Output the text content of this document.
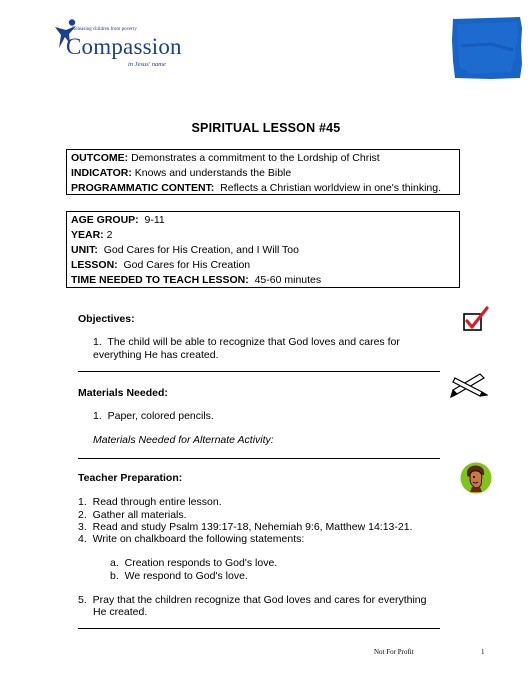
Releasing children from poverty
Compassion
in Jesus' name
SPIRITUAL LESSON #45
OUTCOME: Demonstrates a commitment to the Lordship of Christ
INDICATOR: Knows and understands the Bible
PROGRAMMATIC CONTENT: Reflects a Christian worldview in one's thinking.
AGE GROUP: 9-11
YEAR: 2
UNIT: God Cares for His Creation, and I Will Too
LESSON: God Cares for His Creation
TIME NEEDED TO TEACH LESSON: 45-60 minutes
Objectives:
1. The child will be able to recognize that God loves and cares for
everything He has created.
Materials Needed:
1. Paper, colored pencils.
Materials Needed for Alternate Activity:
Teacher Preparation:
1. Read through entire lesson.
2. Gather all materials.
3. Read and study Psalm 139:17-18, Nehemiah 9:6, Matthew 14:13-21.
4. Write on chalkboard the following statements:
a. Creation responds to God's love.
b. We respond to God's love.
5. Pray that the children recognize that God loves and cares for everything
He created.
Not For Profit	1
